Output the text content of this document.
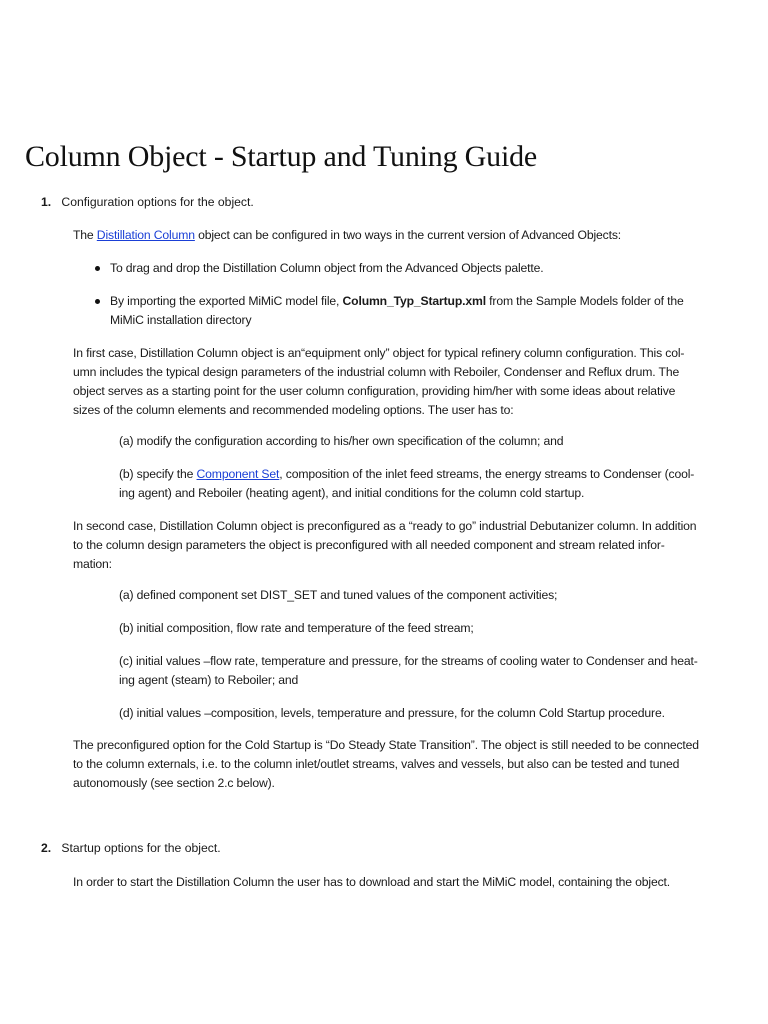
Column Object - Startup and Tuning Guide
1. Configuration options for the object.

The Distillation Column object can be configured in two ways in the current version of Advanced Objects:

To drag and drop the Distillation Column object from the Advanced Objects palette.
By importing the exported MiMiC model file, Column_Typ_Startup.xml from the Sample Models folder of the
MiMiC installation directory

In first case, Distillation Column object is an“equipment only” object for typical refinery column configuration. This col-
umn includes the typical design parameters of the industrial column with Reboiler, Condenser and Reflux drum. The
object serves as a starting point for the user column configuration, providing him/her with some ideas about relative
sizes of the column elements and recommended modeling options. The user has to:

(a) modify the configuration according to his/her own specification of the column; and
(b) specify the Component Set, composition of the inlet feed streams, the energy streams to Condenser (cool-
ing agent) and Reboiler (heating agent), and initial conditions for the column cold startup.

In second case, Distillation Column object is preconfigured as a “ready to go” industrial Debutanizer column. In addition
to the column design parameters the object is preconfigured with all needed component and stream related infor-
mation:

(a) defined component set DIST_SET and tuned values of the component activities;
(b) initial composition, flow rate and temperature of the feed stream;
(c) initial values –flow rate, temperature and pressure, for the streams of cooling water to Condenser and heat-
ing agent (steam) to Reboiler; and
(d) initial values –composition, levels, temperature and pressure, for the column Cold Startup procedure.

The preconfigured option for the Cold Startup is “Do Steady State Transition”. The object is still needed to be connected
to the column externals, i.e. to the column inlet/outlet streams, valves and vessels, but also can be tested and tuned
autonomously (see section 2.c below).

2. Startup options for the object.

In order to start the Distillation Column the user has to download and start the MiMiC model, containing the object.
